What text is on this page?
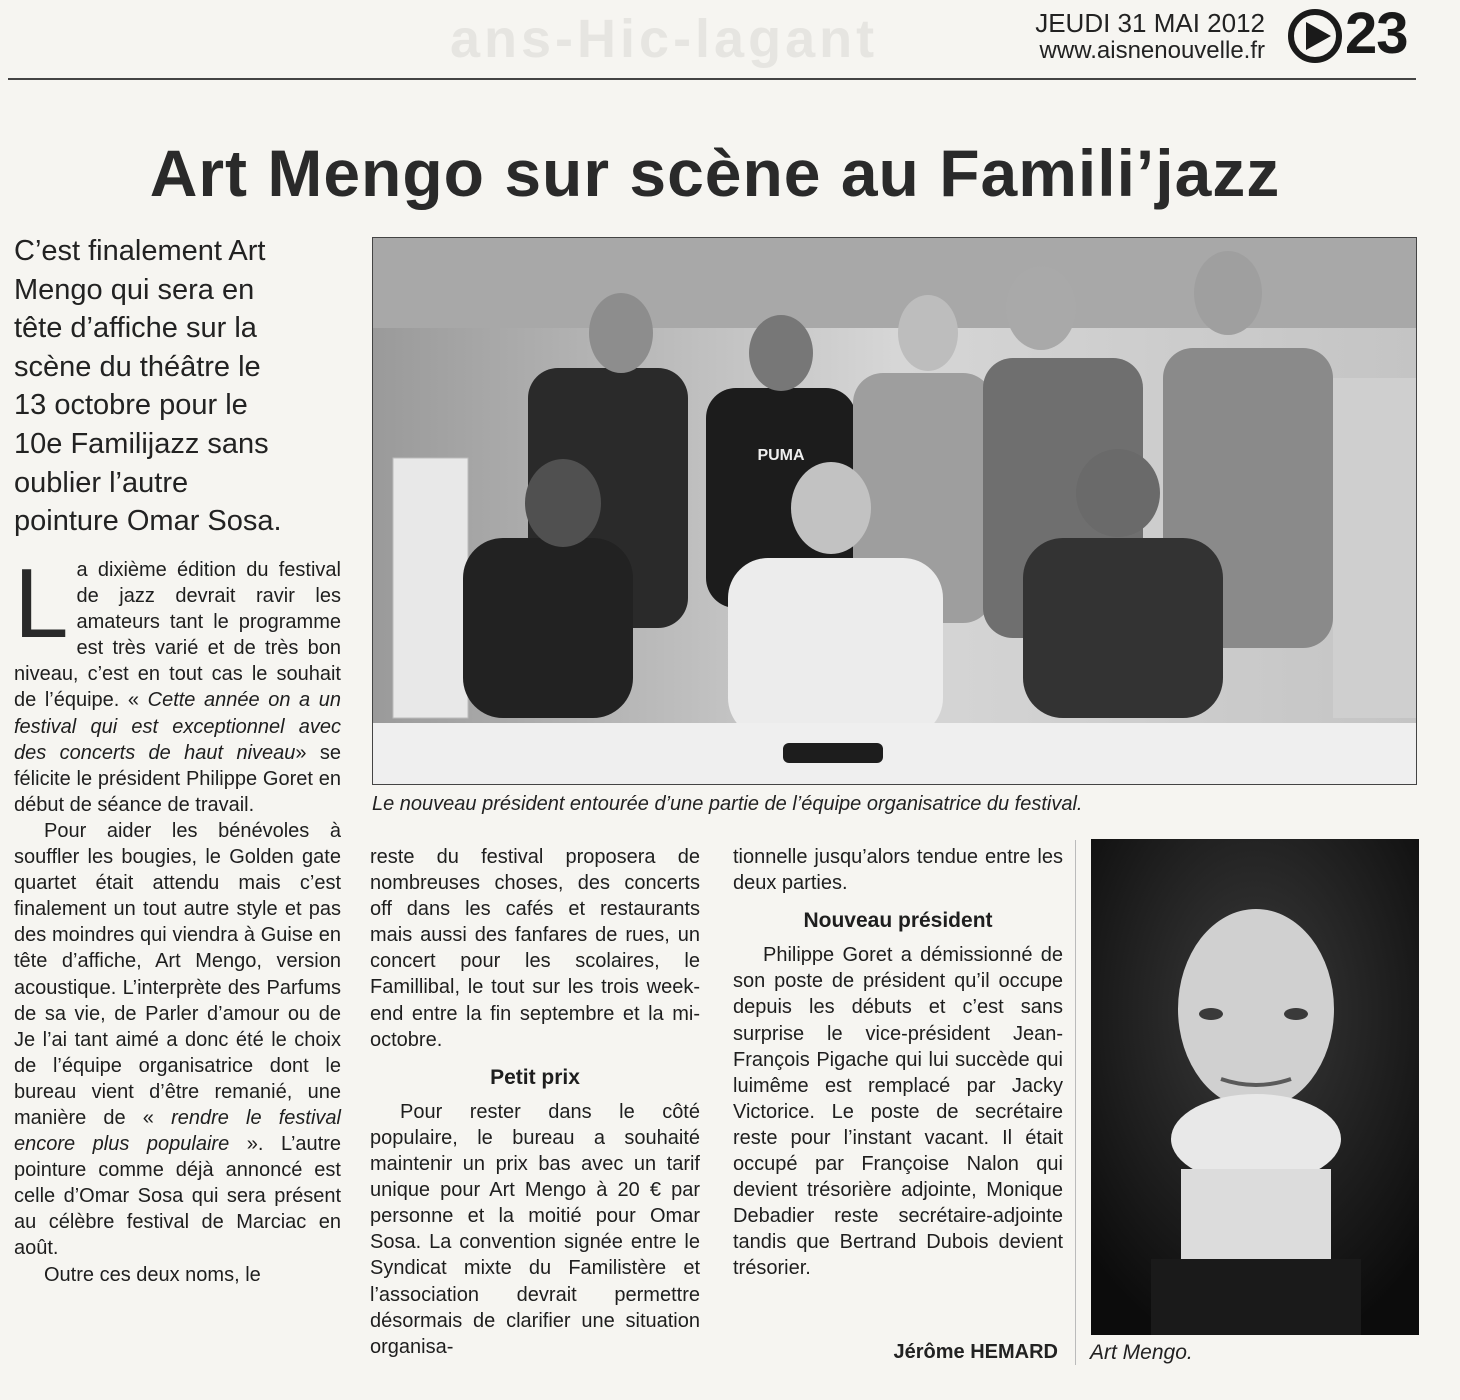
ans-Hic-lagant	JEUDI 31 MAI 2012
www.aisnenouvelle.fr 23
Art Mengo sur scène au Famili’jazz
C’est finalement Art
Mengo qui sera en
tête d’affiche sur la
scène du théâtre le
13 octobre pour le
10e Familijazz sans
oublier l’autre
pointure Omar Sosa.

La dixième édition du festival de jazz devrait ravir les amateurs tant le programme est très varié et de très bon niveau, c’est en tout cas le souhait de l’équipe. « Cette année on a un festival qui est exceptionnel avec des concerts de haut niveau» se félicite le président Philippe Goret en début de séance de travail.

Pour aider les bénévoles à souffler les bougies, le Golden gate quartet était attendu mais c’est finalement un tout autre style et pas des moindres qui viendra à Guise en tête d’affiche, Art Mengo, version acoustique. L’interprète des Parfums de sa vie, de Parler d’amour ou de Je l’ai tant aimé a donc été le choix de l’équipe organisatrice dont le bureau vient d’être remanié, une manière de « rendre le festival encore plus populaire ». L’autre pointure comme déjà annoncé est celle d’Omar Sosa qui sera présent au célèbre festival de Marciac en août.

Outre ces deux noms, le

reste du festival proposera de nombreuses choses, des concerts off dans les cafés et restaurants mais aussi des fanfares de rues, un concert pour les scolaires, le Famillibal, le tout sur les trois week-end entre la fin septembre et la mi-octobre.

Petit prix

Pour rester dans le côté populaire, le bureau a souhaité maintenir un prix bas avec un tarif unique pour Art Mengo à 20 € par personne et la moitié pour Omar Sosa. La convention signée entre le Syndicat mixte du Familistère et l’association devrait permettre désormais de clarifier une situation organisa-

tionnelle jusqu’alors tendue entre les deux parties.

Nouveau président

Philippe Goret a démissionné de son poste de président qu’il occupe depuis les débuts et c’est sans surprise le vice-président Jean-François Pigache qui lui succède qui luimême est remplacé par Jacky Victorice. Le poste de secrétaire reste pour l’instant vacant. Il était occupé par Françoise Nalon qui devient trésorière adjointe, Monique Debadier reste secrétaire-adjointe tandis que Bertrand Dubois devient trésorier.

Jérôme HEMARD
PUMA
Le nouveau président entourée d’une partie de l’équipe organisatrice du festival.
Art Mengo.
